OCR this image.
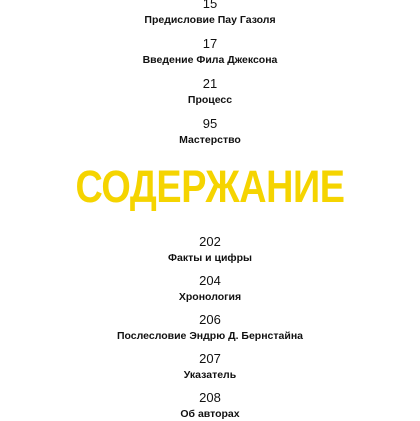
15
Предисловие Пау Газоля
17
Введение Фила Джексона
21
Процесс
95
Мастерство
СОДЕРЖАНИЕ
202
Факты и цифры
204
Хронология
206
Послесловие Эндрю Д. Бернстайна
207
Указатель
208
Об авторах
